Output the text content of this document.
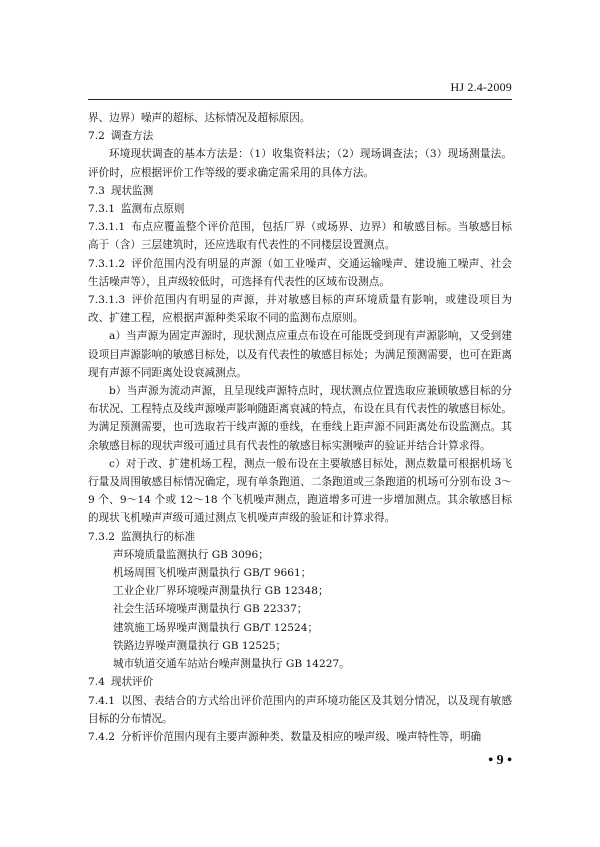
HJ 2.4-2009

界、边界）噪声的超标、达标情况及超标原因。

7.2 调查方法

环境现状调查的基本方法是：（1）收集资料法；（2）现场调查法；（3）现场测量法。评价时，应根据评价工作等级的要求确定需采用的具体方法。

7.3 现状监测

7.3.1 监测布点原则

7.3.1.1 布点应覆盖整个评价范围，包括厂界（或场界、边界）和敏感目标。当敏感目标高于（含）三层建筑时，还应选取有代表性的不同楼层设置测点。

7.3.1.2 评价范围内没有明显的声源（如工业噪声、交通运输噪声、建设施工噪声、社会生活噪声等），且声级较低时，可选择有代表性的区域布设测点。

7.3.1.3 评价范围内有明显的声源，并对敏感目标的声环境质量有影响，或建设项目为改、扩建工程，应根据声源种类采取不同的监测布点原则。

a）当声源为固定声源时，现状测点应重点布设在可能既受到现有声源影响，又受到建设项目声源影响的敏感目标处，以及有代表性的敏感目标处；为满足预测需要，也可在距离现有声源不同距离处设衰减测点。

b）当声源为流动声源，且呈现线声源特点时，现状测点位置选取应兼顾敏感目标的分布状况、工程特点及线声源噪声影响随距离衰减的特点，布设在具有代表性的敏感目标处。为满足预测需要，也可选取若干线声源的垂线，在垂线上距声源不同距离处布设监测点。其余敏感目标的现状声级可通过具有代表性的敏感目标实测噪声的验证并结合计算求得。

c）对于改、扩建机场工程，测点一般布设在主要敏感目标处，测点数量可根据机场飞行量及周围敏感目标情况确定，现有单条跑道、二条跑道或三条跑道的机场可分别布设 3～9 个、9～14 个或 12～18 个飞机噪声测点，跑道增多可进一步增加测点。其余敏感目标的现状飞机噪声声级可通过测点飞机噪声声级的验证和计算求得。

7.3.2 监测执行的标准

声环境质量监测执行 GB 3096；

机场周围飞机噪声测量执行 GB/T 9661；

工业企业厂界环境噪声测量执行 GB 12348；

社会生活环境噪声测量执行 GB 22337；

建筑施工场界噪声测量执行 GB/T 12524；

铁路边界噪声测量执行 GB 12525；

城市轨道交通车站站台噪声测量执行 GB 14227。

7.4 现状评价

7.4.1 以图、表结合的方式给出评价范围内的声环境功能区及其划分情况，以及现有敏感目标的分布情况。

7.4.2 分析评价范围内现有主要声源种类、数量及相应的噪声级、噪声特性等，明确

• 9 •
